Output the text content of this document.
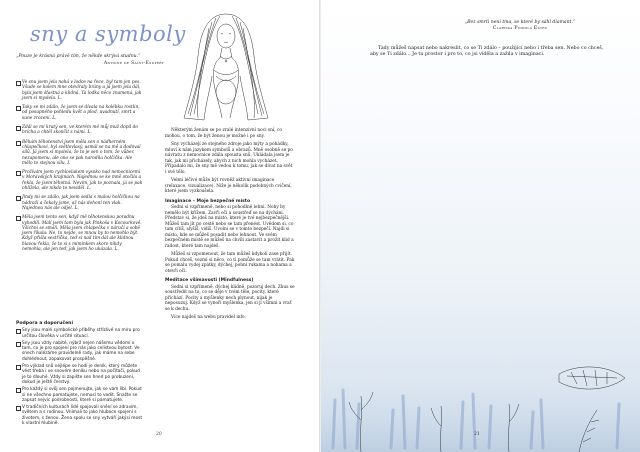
sny a symboly
„Pouze je krásná právě tím, že někde skrývá studnu.“
Antoine de Saint-Exupéry
Ve snu jsem jela nahá v lodce na řece, byl tam jen pes. Všude se kolem mne otevíraly brány a já jsem jela dál, byla jsem šťastná a klidná. Ta loďka něco znamená, jak jsem si myslela. L.
Taky se mi zdálo, že jsem se dívala na kolébku rostlin, od posupného pohledu květ a plod, uvadnutí, smrt a sune zrození. L.
Zdál se mi krutý sen, ve kterém mě můj muž dopil do brícha a chtěl skončit s námi. L.
Běhám těhotenství jsem měla sen o nádherném chlapečkovi, byl světlovlasý, usmál se na mě a dodoval sílů. Já jsem si myslela, že to je sen o tom, že vůbec nezapomenu, ale ono se pak narodila holčička. Ale mělo to stejnou sílu. I.
Prožívám jsem rychlovlakem vysoko nad nemocnicemi v Moravských krajinách. Najednou se ke mně otočila a řekla, že jsem těhotná. Nevím, jak to poznala, já se pak ohlížela, ale nikdo to neviděl. L.
Jindy mi se zdálo, jak jsem sedla s malou holčičkou na nádraží a čekaly jsme, až nás dohoní ten vlak. Najednou nás ale odjel. L.
Měla jsem tento sen, když mě těhotenskou poradnu vyhodili. Malí jsem tam byla jak Pinkoša v Kocourkově. Všichni se smáli. Měla jsem chlapečka v náručí a sobě jsem říkala: Ne, to nejde, se mnou by to nemohlo být. Když přišla sestřička, teď si nad tím dál ale klidnou hlavou řekla, že to si s miminkem skoro nikdy nemohla, ale jen teď, jak jsem ho ukázala. L.
Podpora a doporučení
Sny jsou malé symbolické příběhy střízlivé na míru pro určitou člověka v určité situaci.
Sny jsou vždy nabité, nýbrž nejen nášemu vědomí o tom, co je pro spojení pro nás jako celistvou bytost. Ve snech nalézáme pravidelně rady, jak máme na sebe dohlédnout, zopakovat prospěšné.
Pro výklad snů nejlépe se hodí je deník, který můžete vést třeba i ve snovém deníku nebo na počítači, pokud je to dlouhé. Vždy si zapište sen hned po probuzení, dokud je ještě čerstvý.
Pro každý si svůj sen pojmenujte, jak se vám líbí. Pokud si ne všechno pamatujete, nemusí to vadit. Snažte se zapsat nejvíc podrobností, které si pamatujete.
V tradičních kulturách lidé spojovali snění se zdravím, světem a s rodinou. Vnímali to jako hluboce spojení s životem, s ženou. Žena spolu se sny vytváří jakýsi most k vlastní hlubině.

Některým ženám se po zralé intenzivní noci sní, co mohou, o tom, že být ženou je možné i po sny.

Sny vycházejí ze stejného zdroje jako mýty a pohádky, mluví k nám jazykem symbolů a obrazů. Mně osobně se po návratu z nemocnice zdála spousta snů. Ukládala jsem je tak, jak mi přicházely, abych z nich mohla vycházet. Případalo mi, že sny mě vedou k tomu, jak se dívat na svět i své tělo.

Velmi léčivé může být rovněž aktivní imaginace (relaxace, vizualizace). Níže je několik podobných cvičení, které jsem vyzkoušela.

Imaginace – Moje bezpečné místo

Sedni si vzpřímeně, nebo si pohodlně lehni. Nohy by nemělo být křížem. Zavři oči a soustřeď se na dýchání. Představ si, že jdeš na místo, které je tvé nejbezpečnější. Můžeš tam jít po cestě nebo se tam přenést. Uvědom si, co tam cítíš, slyšíš, vidíš. Uvolni se v tomto bezpečí. Najdi si místo, kde se můžeš posadit nebo lehnout. Ve svém bezpečném místě se můžeš na chvíli zastavit a prožít klid a radost, které tam najdeš.

Můžeš si vzpomenout, že tam můžeš kdykoli zase přijít. Pokud chceš, vezmi si něco, co ti pomůže se tam vrátit. Pak se pomalu vydej zpátky, dýchej, pohni rukama a nohama a otevři oči.

Meditace všímavosti (Mindfulness)

Sedni si vzpřímeně, dýchej klidně, pozoruj dech. Zkus se soustředit na to, co se děje v tvém těle, pocity, které přichází. Pocity a myšlenky nech plynout, nijak je neposuzuj. Když se vynoří myšlenka, jen si jí všimni a vrať se k dechu.

Více najdeš na webu pravidel info.

20
„Bez smrti není tma, se které by sáhl diamant.“
Clarissa Pinkola Estés

Tady můžeš napsat nebo nakreslit, co se Ti zdálo – použijicí nebo i třeba sen. Nebo co chceš, aby se Ti zdálo... Je tu prostor i pro to, co jsi viděla a zažila v imaginaci.

21
